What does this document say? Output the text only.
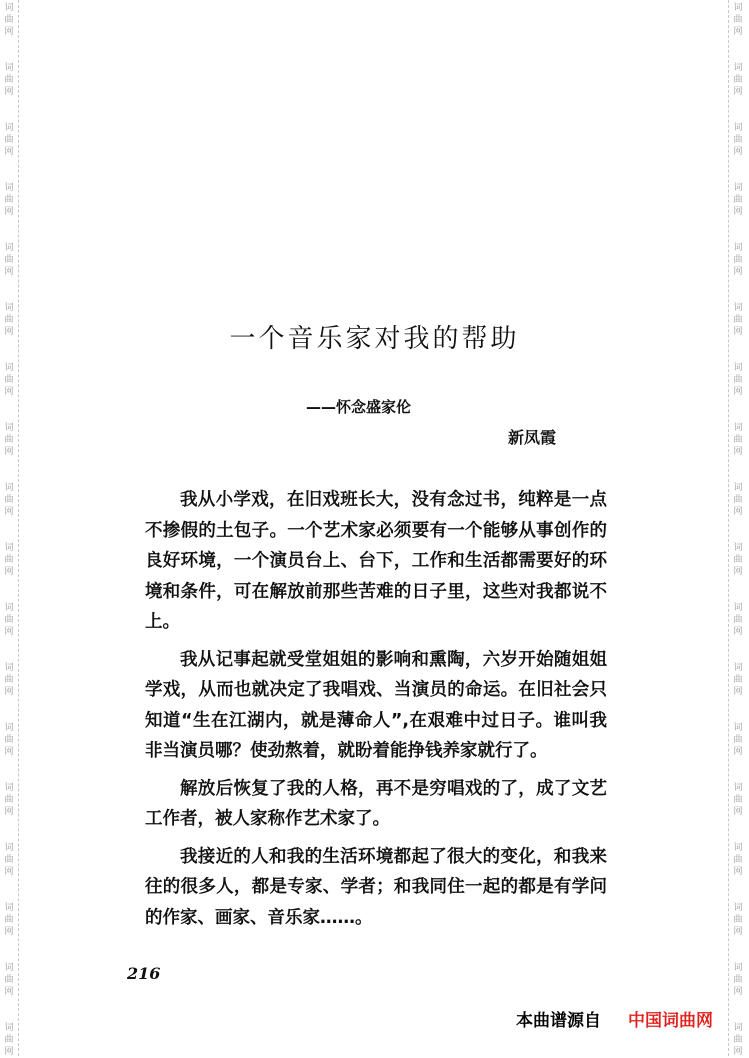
词
曲
网
词
曲
网
词
曲
网
词
曲
网
词
曲
网
词
曲
网
词
曲
网
词
曲
网
词
曲
网
词
曲
网
词
曲
网
词
曲
网
词
曲
网
词
曲
网
词
曲
网
词
曲
网
词
曲
网
词
曲
网
词
曲
网
词
曲
网
词
曲
网
词
曲
网
词
曲
网
词
曲
网
词
曲
网
词
曲
网
词
曲
网
词
曲
网
词
曲
网
词
曲
网
词
曲
网
词
曲
网
词
曲
网
词
曲
网
词
曲
网
词
曲
网
一个音乐家对我的帮助
——怀念盛家伦
新凤霞

我从小学戏，在旧戏班长大，没有念过书，纯粹是一点不掺假的土包子。一个艺术家必须要有一个能够从事创作的良好环境，一个演员台上、台下，工作和生活都需要好的环境和条件，可在解放前那些苦难的日子里，这些对我都说不上。

我从记事起就受堂姐姐的影响和熏陶，六岁开始随姐姐学戏，从而也就决定了我唱戏、当演员的命运。在旧社会只知道“生在江湖内，就是薄命人”,在艰难中过日子。谁叫我非当演员哪？使劲熬着，就盼着能挣钱养家就行了。

解放后恢复了我的人格，再不是穷唱戏的了，成了文艺工作者，被人家称作艺术家了。

我接近的人和我的生活环境都起了很大的变化，和我来往的很多人，都是专家、学者；和我同住一起的都是有学问的作家、画家、音乐家……。

216
本曲谱源自 中国词曲网
